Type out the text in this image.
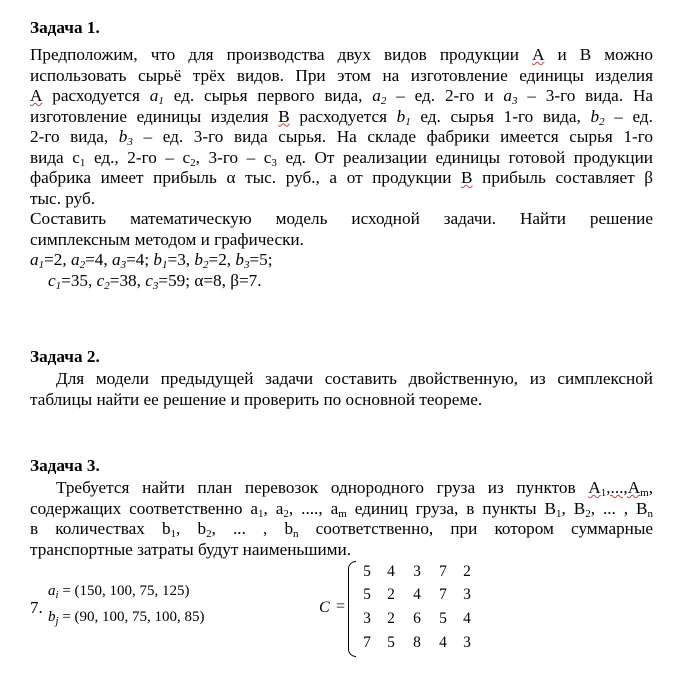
Задача 1.
Предположим, что для производства двух видов продукции А и В можно
использовать сырьё трёх видов. При этом на изготовление единицы изделия
А расходуется a1 ед. сырья первого вида, a2 – ед. 2-го и a3 – 3-го вида. На
изготовление единицы изделия В расходуется b1 ед. сырья 1-го вида, b2 – ед.
2-го вида, b3 – ед. 3-го вида сырья. На складе фабрики имеется сырья 1-го
вида $с_1$ ед., $2-го - с_2$, $3-го - с_3$ ед. От реализации единицы готовой продукции
фабрика имеет прибыль α тыс. руб., а от продукции В прибыль составляет β
тыс. руб.
Составить математическую модель исходной задачи. Найти решение
симплексным методом и графически.
a1=2, a2=4, a3=4; b1=3, b2=2, b3=5;
c1=35, c2=38, c3=59; α=8, β=7.
Задача 2.
Для модели предыдущей задачи составить двойственную, из симплексной
таблицы найти ее решение и проверить по основной теореме.
Задача 3.
Требуется найти план перевозок однородного груза из пунктов $А_1,...,А_m$,
содержащих соответственно $а_1$, $а_2$, ...., $а_m$ единиц груза, в пункты $В_1$, $В_2$, ... , $В_n$
в количествах $b_1$, $b_2$, ... , $b_n$ соответственно, при котором суммарные
транспортные затраты будут наименьшими.
7.
$a_i = (150$, 100, 75, 125)
$b_j = (90$, 100, 75, 100, 85)
C =
5 4 3 7 2
5 2 4 7 3
3 2 6 5 4
7 5 8 4 3
